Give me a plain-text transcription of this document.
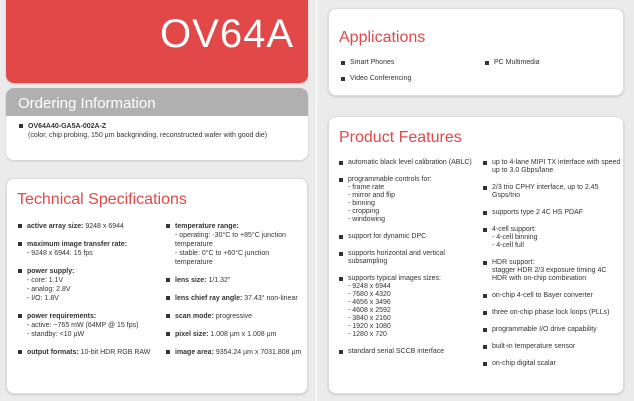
OV64A
Ordering Information
OV64A40-GA5A-002A-Z
(color, chip probing, 150 µm backgrinding, reconstructed wafer with good die)
Technical Specifications
active array size: 9248 x 6944
maximum image transfer rate:
- 9248 x 6944: 15 fps
power supply:
- core: 1.1V
- analog: 2.8V
- I/O: 1.8V
power requirements:
- active: ~765 mW (64MP @ 15 fps)
- standby: <10 µW
output formats: 10-bit HDR RGB RAW
temperature range:
- operating: -30°C to +85°C junction temperature
- stable: 0°C to +60°C junction temperature
lens size: 1/1.32"
lens chief ray angle: 37.43° non-linear
scan mode: progressive
pixel size: 1.008 µm x 1.008 µm
image area: 9354.24 µm x 7031.808 µm
Applications
Smart Phones	PC Multimedia
Video Conferencing
Product Features
automatic black level calibration (ABLC)
programmable controls for:
- frame rate
- mirror and flip
- binning
- cropping
- windowing
support for dynamic DPC
supports horizontal and vertical subsampling
supports typical images sizes:
- 9248 x 6944
- 7680 x 4320
- 4656 x 3496
- 4608 x 2592
- 3840 x 2160
- 1920 x 1080
- 1280 x 720
standard serial SCCB interface
up to 4-lane MIPI TX interface with speed up to 3.0 Gbps/lane
2/3 trio CPHY interface, up to 2.45 Gsps/trio
supports type 2 4C HS PDAF
4-cell support:
- 4-cell binning
- 4-cell full
HDR support:
stagger HDR 2/3 exposure timing 4C HDR with on-chip combination
on-chip 4-cell to Bayer converter
three on-chip phase lock loops (PLLs)
programmable I/O drive capability
built-in temperature sensor
on-chip digital scalar
